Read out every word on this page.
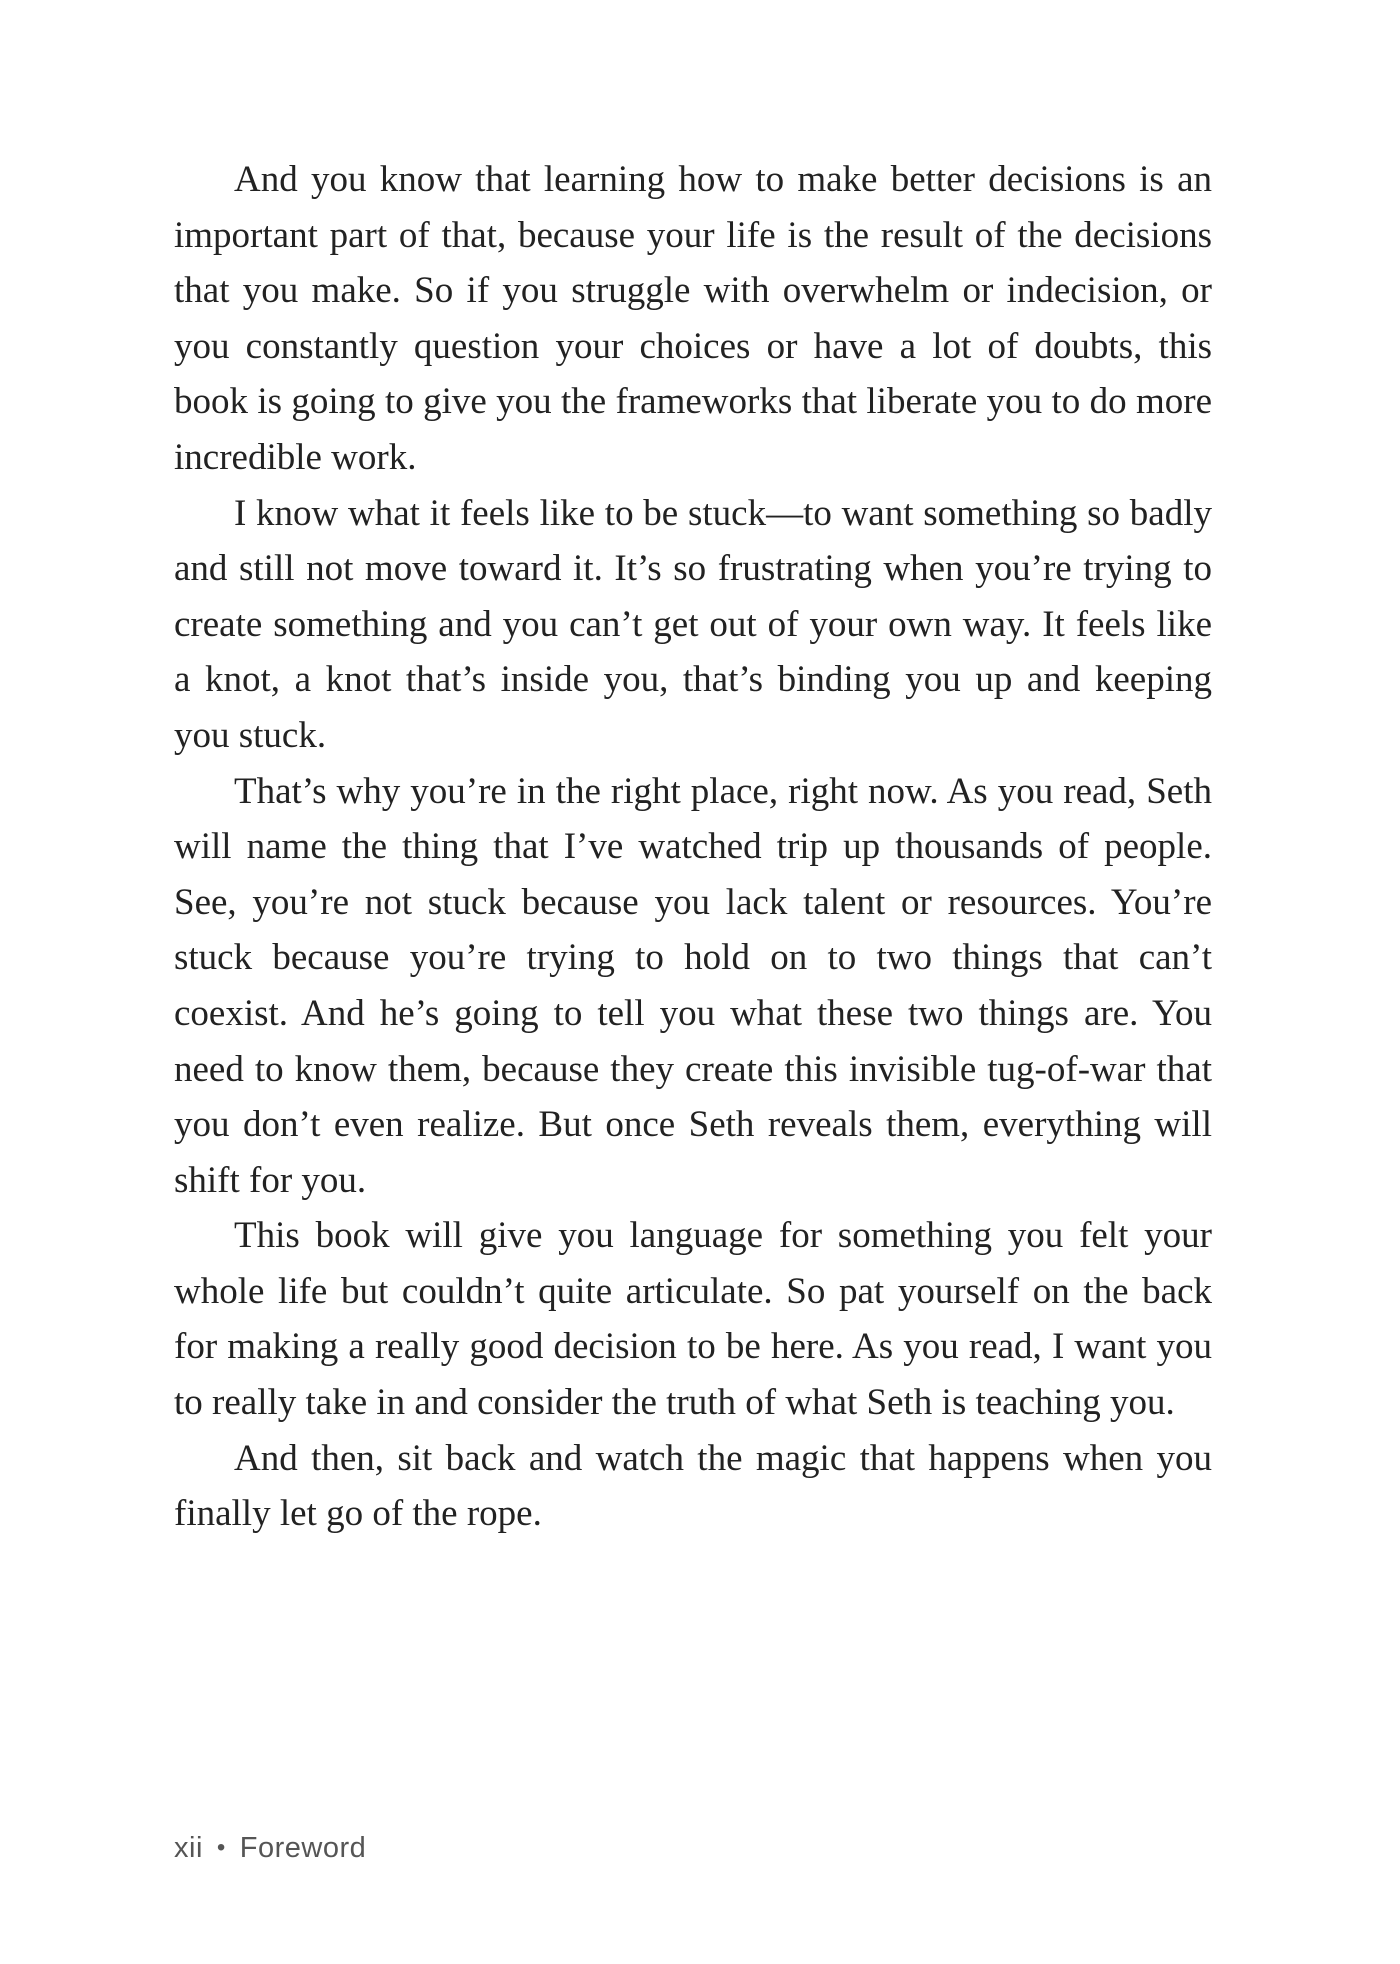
And you know that learning how to make better decisions is an important part of that, because your life is the result of the decisions that you make. So if you struggle with overwhelm or indecision, or you constantly question your choices or have a lot of doubts, this book is going to give you the frameworks that liberate you to do more incredible work.

I know what it feels like to be stuck—to want something so badly and still not move toward it. It’s so frustrating when you’re trying to create something and you can’t get out of your own way. It feels like a knot, a knot that’s inside you, that’s binding you up and keeping you stuck.

That’s why you’re in the right place, right now. As you read, Seth will name the thing that I’ve watched trip up thousands of people. See, you’re not stuck because you lack talent or resources. You’re stuck because you’re trying to hold on to two things that can’t coexist. And he’s going to tell you what these two things are. You need to know them, because they create this invisible tug-of-war that you don’t even realize. But once Seth reveals them, everything will shift for you.

This book will give you language for something you felt your whole life but couldn’t quite articulate. So pat yourself on the back for making a really good decision to be here. As you read, I want you to really take in and consider the truth of what Seth is teaching you.

And then, sit back and watch the magic that happens when you finally let go of the rope.

xii • Foreword
